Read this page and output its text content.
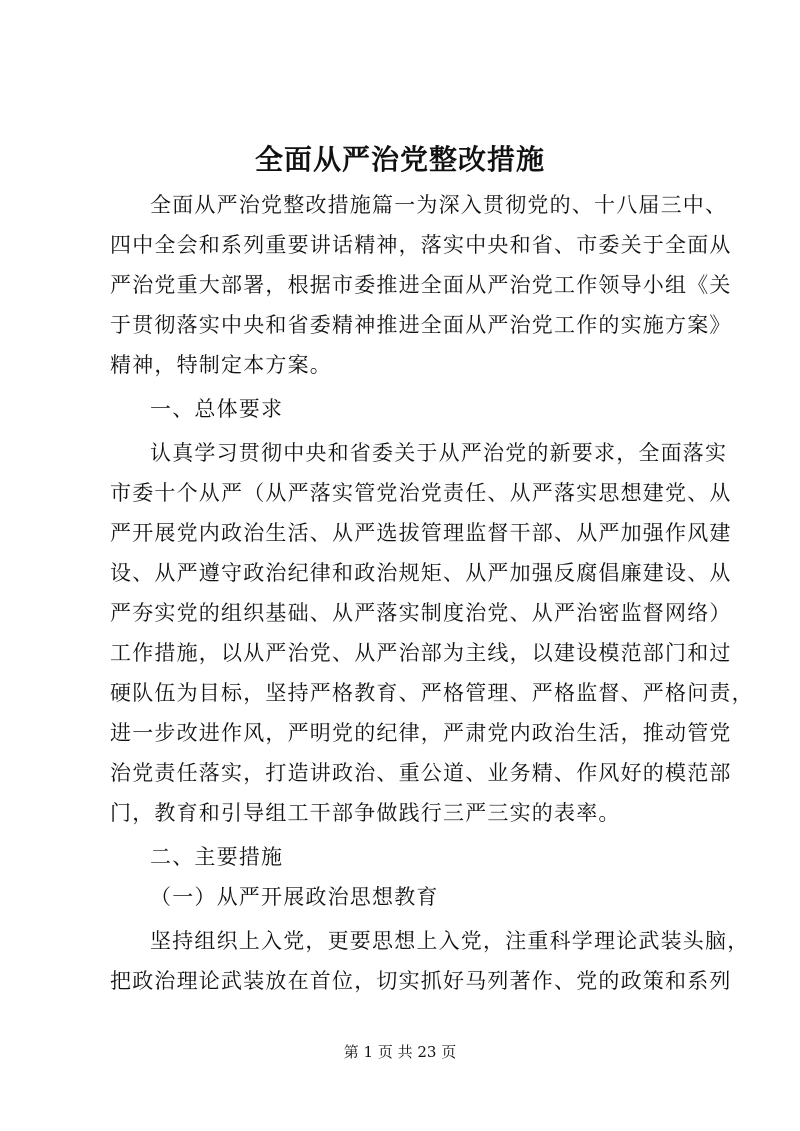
全面从严治党整改措施
全面从严治党整改措施篇一为深入贯彻党的、十八届三中、
四中全会和系列重要讲话精神，落实中央和省、市委关于全面从
严治党重大部署，根据市委推进全面从严治党工作领导小组《关
于贯彻落实中央和省委精神推进全面从严治党工作的实施方案》
精神，特制定本方案。
一、总体要求
认真学习贯彻中央和省委关于从严治党的新要求，全面落实
市委十个从严（从严落实管党治党责任、从严落实思想建党、从
严开展党内政治生活、从严选拔管理监督干部、从严加强作风建
设、从严遵守政治纪律和政治规矩、从严加强反腐倡廉建设、从
严夯实党的组织基础、从严落实制度治党、从严治密监督网络）
工作措施，以从严治党、从严治部为主线，以建设模范部门和过
硬队伍为目标，坚持严格教育、严格管理、严格监督、严格问责，
进一步改进作风，严明党的纪律，严肃党内政治生活，推动管党
治党责任落实，打造讲政治、重公道、业务精、作风好的模范部
门，教育和引导组工干部争做践行三严三实的表率。
二、主要措施
（一）从严开展政治思想教育
坚持组织上入党，更要思想上入党，注重科学理论武装头脑，
把政治理论武装放在首位，切实抓好马列著作、党的政策和系列
第 1 页 共 23 页
